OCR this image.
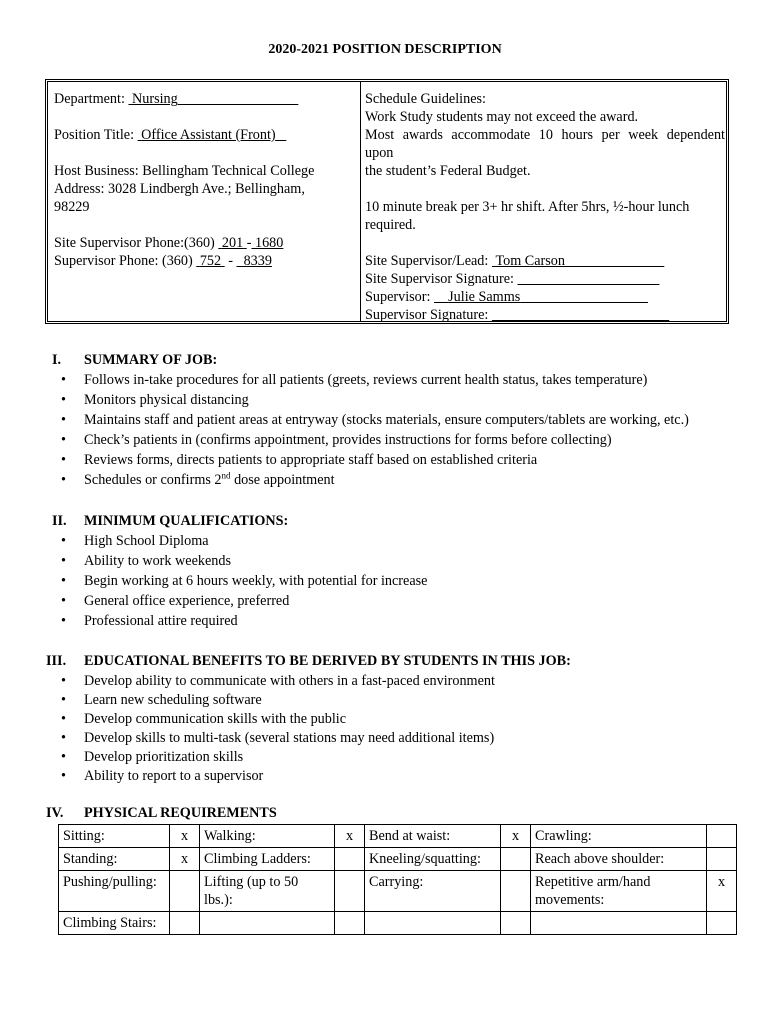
2020-2021 POSITION DESCRIPTION
Department:  Nursing
Position Title:  Office Assistant (Front)
Host Business: Bellingham Technical College
Address: 3028 Lindbergh Ave.; Bellingham,
98229
Site Supervisor Phone:(360)  201 - 1680
Supervisor Phone: (360)  752  -   8339
Schedule Guidelines:
Work Study students may not exceed the award.
Most awards accommodate 10 hours per week dependent
upon
the student’s Federal Budget.
10 minute break per 3+ hr shift. After 5hrs, ½-hour lunch
required.
Site Supervisor/Lead:  Tom Carson
Site Supervisor Signature:
Supervisor:     Julie Samms
Supervisor Signature:
I. SUMMARY OF JOB:
• Follows in-take procedures for all patients (greets, reviews current health status, takes temperature)
• Monitors physical distancing
• Maintains staff and patient areas at entryway (stocks materials, ensure computers/tablets are working, etc.)
• Check’s patients in (confirms appointment, provides instructions for forms before collecting)
• Reviews forms, directs patients to appropriate staff based on established criteria
• Schedules or confirms 2nd dose appointment
II. MINIMUM QUALIFICATIONS:
• High School Diploma
• Ability to work weekends
• Begin working at 6 hours weekly, with potential for increase
• General office experience, preferred
• Professional attire required
III. EDUCATIONAL BENEFITS TO BE DERIVED BY STUDENTS IN THIS JOB:
• Develop ability to communicate with others in a fast-paced environment
• Learn new scheduling software
• Develop communication skills with the public
• Develop skills to multi-task (several stations may need additional items)
• Develop prioritization skills
• Ability to report to a supervisor
IV. PHYSICAL REQUIREMENTS
Sitting:	x	Walking:	x	Bend at waist:	x	Crawling:	
Standing:	x	Climbing Ladders:		Kneeling/squatting:		Reach above shoulder:	
Pushing/pulling:		Lifting (up to 50 lbs.):		Carrying:		Repetitive arm/hand movements:	x
Climbing Stairs:							
